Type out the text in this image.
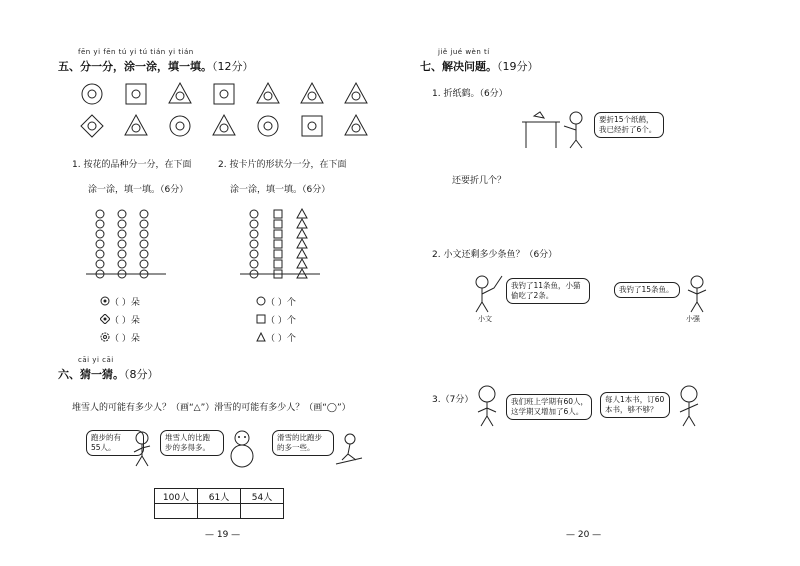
fēn yi fēn tú yi tú tián yi tián
五、分一分，涂一涂，填一填。（12分）
1. 按花的品种分一分，在下面
涂一涂，填一填。（6分）
2. 按卡片的形状分一分，在下面
涂一涂，填一填。（6分）
（ ） 朵
（ ） 朵
（ ） 朵
（ ） 个
（ ） 个
（ ） 个
cāi yi cāi
六、猜一猜。（8分）
堆雪人的可能有多少人？（画“△”）滑雪的可能有多少人？（画“◯”）
跑步的有
55人。
堆雪人的比跑
步的多得多。
滑雪的比跑步
的多一些。
100人	61人	54人

— 19 —
jiě jué wèn tí
七、解决问题。（19分）
1. 折纸鹤。（6分）
要折15个纸鹤，
我已经折了6个。
还要折几个？
2. 小文还剩多少条鱼？（6分）
小文
我钓了11条鱼，小猫
偷吃了2条。
我钓了15条鱼。
小强
3.（7分）	我们班上学期有60人，
这学期又增加了6人。
每人1本书，订60
本书，够不够？
— 20 —
